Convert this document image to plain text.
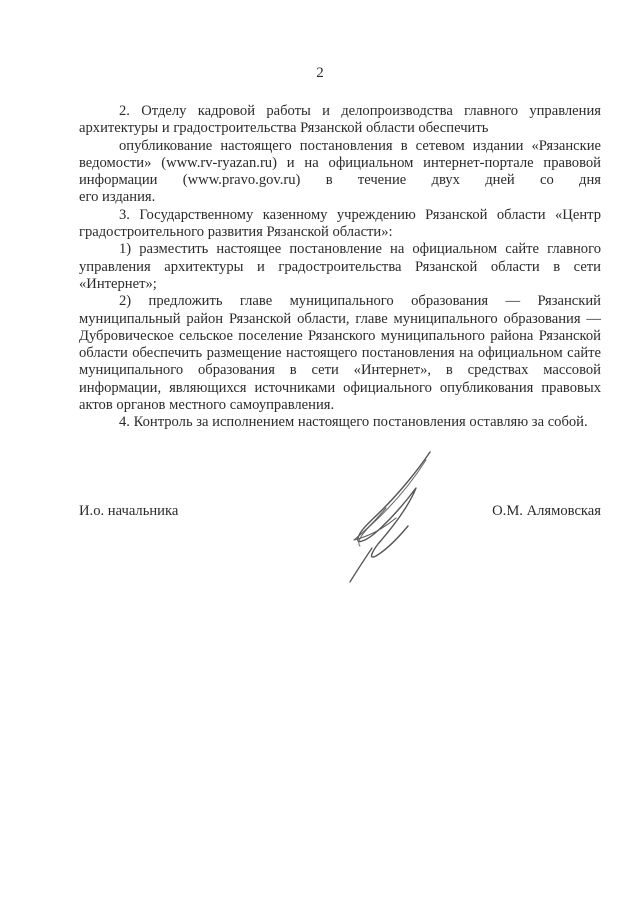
2

2. Отделу кадровой работы и делопроизводства главного управления
архитектуры и градостроительства Рязанской области обеспечить
опубликование настоящего постановления в сетевом издании «Рязанские
ведомости» (www.rv-ryazan.ru) и на официальном интернет-портале правовой
информации (www.pravo.gov.ru) в течение двух дней со дня
его издания.

3. Государственному казенному учреждению Рязанской области «Центр градостроительного развития Рязанской области»:

1) разместить настоящее постановление на официальном сайте главного управления архитектуры и градостроительства Рязанской области в сети «Интернет»;

2) предложить главе муниципального образования — Рязанский муниципальный район Рязанской области, главе муниципального образования — Дубровическое сельское поселение Рязанского муниципального района Рязанской области обеспечить размещение настоящего постановления на официальном сайте муниципального образования в сети «Интернет», в средствах массовой информации, являющихся источниками официального опубликования правовых актов органов местного самоуправления.

4. Контроль за исполнением настоящего постановления оставляю за собой.

И.о. начальника	О.М. Алямовская
